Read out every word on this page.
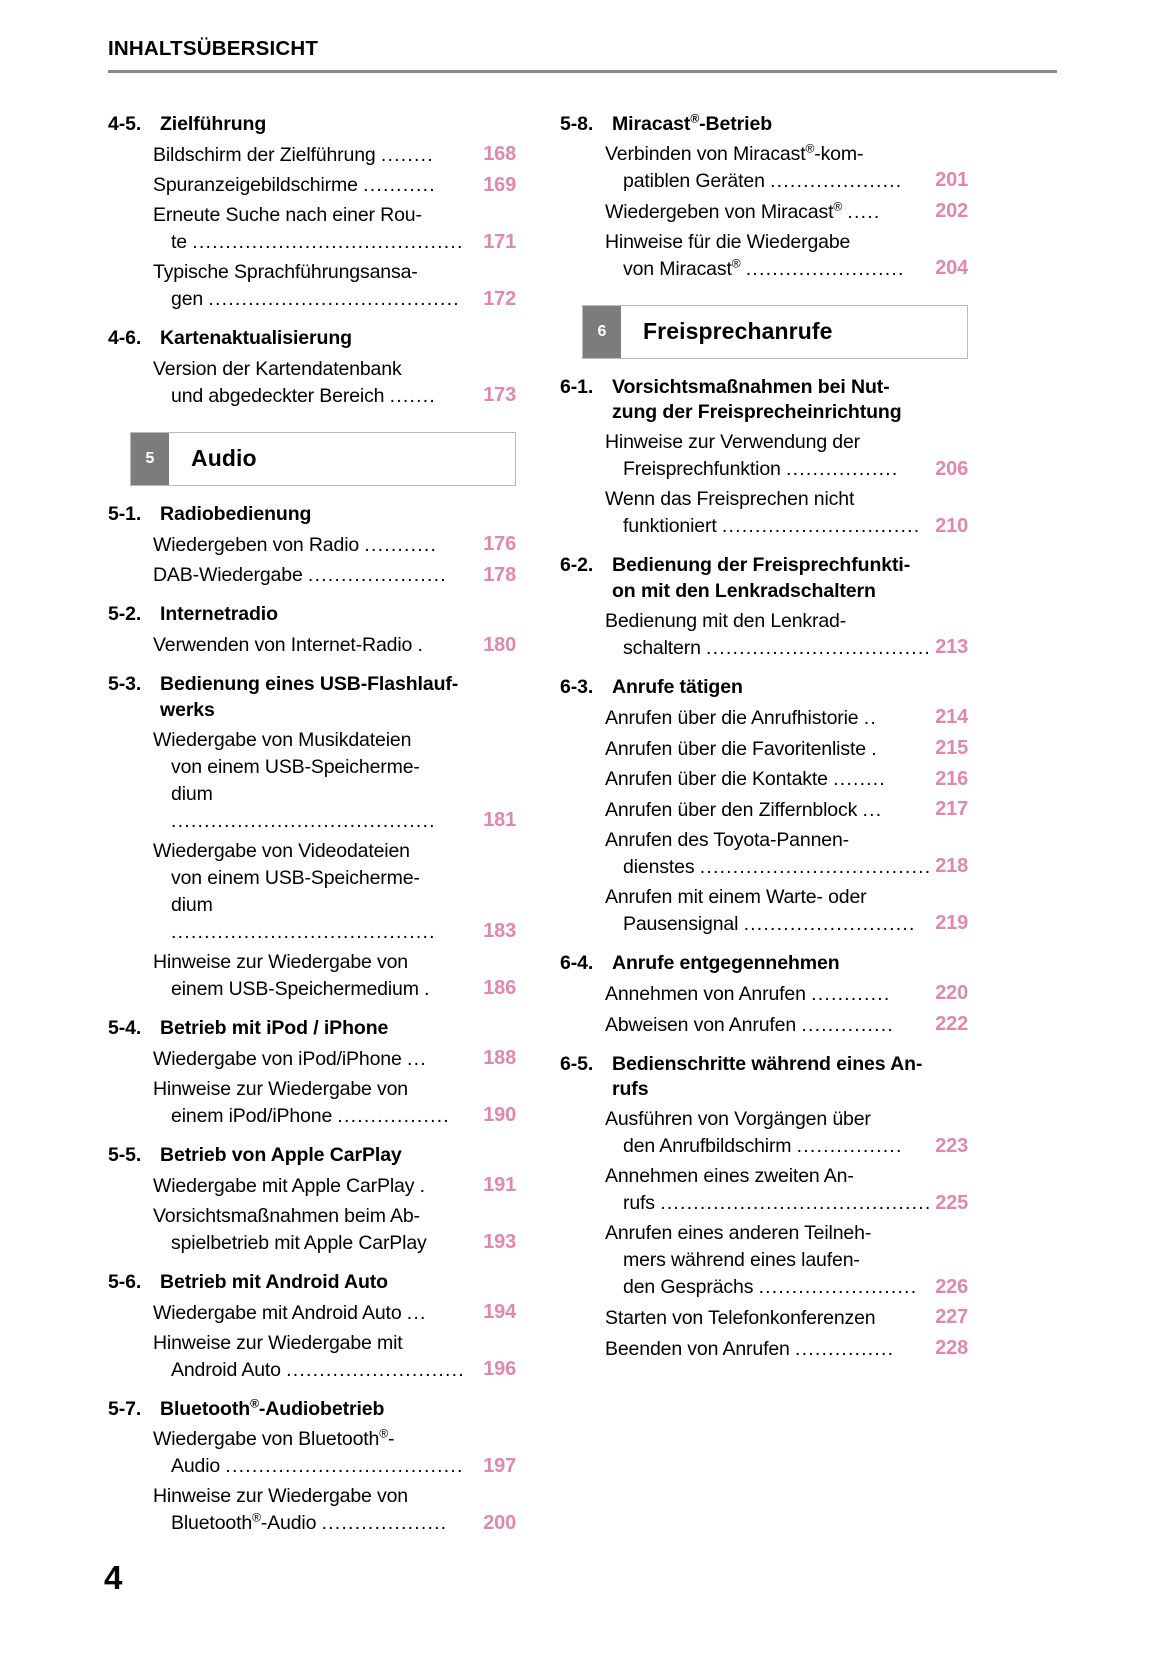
INHALTSÜBERSICHT
4-5. Zielführung
Bildschirm der Zielführung ........	168
Spuranzeigebildschirme ...........	169
Erneute Suche nach einer Rou-
te ......................................... 171
Typische Sprachführungsansa-
gen ......................................	172
4-6. Kartenaktualisierung
Version der Kartendatenbank
und abgedeckter Bereich .......	173
5	Audio
5-1. Radiobedienung
Wiedergeben von Radio ...........	176
DAB-Wiedergabe .....................	178
5-2. Internetradio
Verwenden von Internet-Radio .	180
5-3. Bedienung eines USB-Flashlauf-
werks
Wiedergabe von Musikdateien
von einem USB-Speicherme-
dium ........................................	181
Wiedergabe von Videodateien
von einem USB-Speicherme-
dium ........................................	183
Hinweise zur Wiedergabe von
einem USB-Speichermedium .	186
5-4. Betrieb mit iPod / iPhone
Wiedergabe von iPod/iPhone ...	188
Hinweise zur Wiedergabe von
einem iPod/iPhone .................	190
5-5. Betrieb von Apple CarPlay
Wiedergabe mit Apple CarPlay .	191
Vorsichtsmaßnahmen beim Ab-
spielbetrieb mit Apple CarPlay	193
5-6. Betrieb mit Android Auto
Wiedergabe mit Android Auto ...	194
Hinweise zur Wiedergabe mit
Android Auto ........................... 196
5-7. Bluetooth®-Audiobetrieb
Wiedergabe von Bluetooth®-
Audio .................................... 197
Hinweise zur Wiedergabe von
Bluetooth®-Audio ...................	200
5-8. Miracast®-Betrieb
Verbinden von Miracast®-kom-
patiblen Geräten ....................	201
Wiedergeben von Miracast® .....	202
Hinweise für die Wiedergabe
von Miracast® ........................	204
6	Freisprechanrufe
6-1. Vorsichtsmaßnahmen bei Nut-
zung der Freisprecheinrichtung
Hinweise zur Verwendung der
Freisprechfunktion .................	206
Wenn das Freisprechen nicht
funktioniert .............................. 210
6-2. Bedienung der Freisprechfunkti-
on mit den Lenkradschaltern
Bedienung mit den Lenkrad-
schaltern .................................. 213
6-3. Anrufe tätigen
Anrufen über die Anrufhistorie ..	214
Anrufen über die Favoritenliste .	215
Anrufen über die Kontakte ........	216
Anrufen über den Ziffernblock ...	217
Anrufen des Toyota-Pannen-
dienstes ................................... 218
Anrufen mit einem Warte- oder
Pausensignal .......................... 219
6-4. Anrufe entgegennehmen
Annehmen von Anrufen ............	220
Abweisen von Anrufen ..............	222
6-5. Bedienschritte während eines An-
rufs
Ausführen von Vorgängen über
den Anrufbildschirm ................	223
Annehmen eines zweiten An-
rufs ......................................... 225
Anrufen eines anderen Teilneh-
mers während eines laufen-
den Gesprächs ........................ 226
Starten von Telefonkonferenzen	227
Beenden von Anrufen ...............	228
4
